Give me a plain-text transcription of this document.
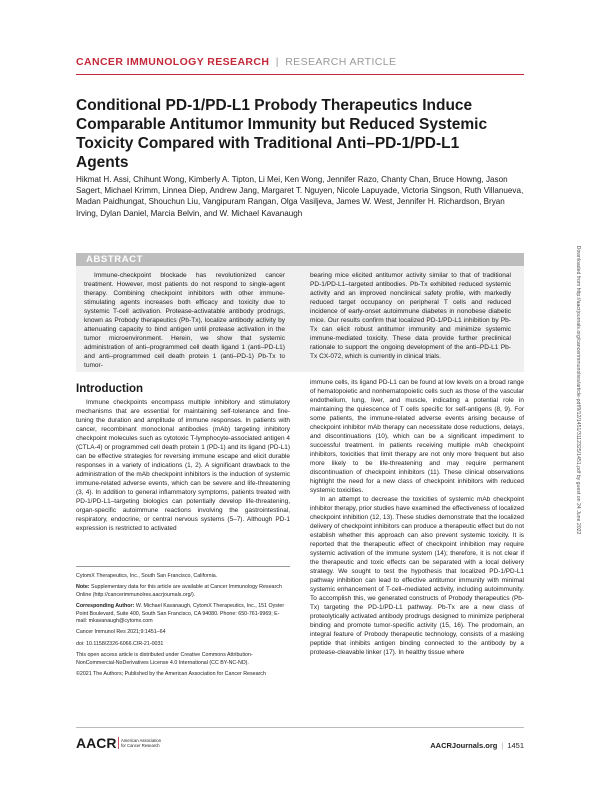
CANCER IMMUNOLOGY RESEARCH | RESEARCH ARTICLE
Conditional PD-1/PD-L1 Probody Therapeutics Induce Comparable Antitumor Immunity but Reduced Systemic Toxicity Compared with Traditional Anti–PD-1/PD-L1 Agents
Hikmat H. Assi, Chihunt Wong, Kimberly A. Tipton, Li Mei, Ken Wong, Jennifer Razo, Chanty Chan, Bruce Howng, Jason Sagert, Michael Krimm, Linnea Diep, Andrew Jang, Margaret T. Nguyen, Nicole Lapuyade, Victoria Singson, Ruth Villanueva, Madan Paidhungat, Shouchun Liu, Vangipuram Rangan, Olga Vasiljeva, James W. West, Jennifer H. Richardson, Bryan Irving, Dylan Daniel, Marcia Belvin, and W. Michael Kavanaugh
ABSTRACT

Immune-checkpoint blockade has revolutionized cancer treatment. However, most patients do not respond to single-agent therapy. Combining checkpoint inhibitors with other immune-stimulating agents increases both efficacy and toxicity due to systemic T-cell activation. Protease-activatable antibody prodrugs, known as Probody therapeutics (Pb-Tx), localize antibody activity by attenuating capacity to bind antigen until protease activation in the tumor microenvironment. Herein, we show that systemic administration of anti–programmed cell death ligand 1 (anti–PD-L1) and anti–programmed cell death protein 1 (anti–PD-1) Pb-Tx to tumor-

bearing mice elicited antitumor activity similar to that of traditional PD-1/PD-L1–targeted antibodies. Pb-Tx exhibited reduced systemic activity and an improved nonclinical safety profile, with markedly reduced target occupancy on peripheral T cells and reduced incidence of early-onset autoimmune diabetes in nonobese diabetic mice. Our results confirm that localized PD-1/PD-L1 inhibition by Pb-Tx can elicit robust antitumor immunity and minimize systemic immune-mediated toxicity. These data provide further preclinical rationale to support the ongoing development of the anti–PD-L1 Pb-Tx CX-072, which is currently in clinical trials.

Introduction

Immune checkpoints encompass multiple inhibitory and stimulatory mechanisms that are essential for maintaining self-tolerance and fine-tuning the duration and amplitude of immune responses. In patients with cancer, recombinant monoclonal antibodies (mAb) targeting inhibitory checkpoint molecules such as cytotoxic T-lymphocyte-associated antigen 4 (CTLA-4) or programmed cell death protein 1 (PD-1) and its ligand (PD-L1) can be effective strategies for reversing immune escape and elicit durable responses in a variety of indications (1, 2). A significant drawback to the administration of the mAb checkpoint inhibitors is the induction of systemic immune-related adverse events, which can be severe and life-threatening (3, 4). In addition to general inflammatory symptoms, patients treated with PD-1/PD-L1–targeting biologics can potentially develop life-threatening, organ-specific autoimmune reactions involving the gastrointestinal, respiratory, endocrine, or central nervous systems (5–7). Although PD-1 expression is restricted to activated

immune cells, its ligand PD-L1 can be found at low levels on a broad range of hematopoietic and nonhematopoietic cells such as those of the vascular endothelium, lung, liver, and muscle, indicating a potential role in maintaining the quiescence of T cells specific for self-antigens (8, 9). For some patients, the immune-related adverse events arising because of checkpoint inhibitor mAb therapy can necessitate dose reductions, delays, and discontinuations (10), which can be a significant impediment to successful treatment. In patients receiving multiple mAb checkpoint inhibitors, toxicities that limit therapy are not only more frequent but also more likely to be life-threatening and may require permanent discontinuation of checkpoint inhibitors (11). These clinical observations highlight the need for a new class of checkpoint inhibitors with reduced systemic toxicities.

In an attempt to decrease the toxicities of systemic mAb checkpoint inhibitor therapy, prior studies have examined the effectiveness of localized checkpoint inhibition (12, 13). These studies demonstrate that the localized delivery of checkpoint inhibitors can produce a therapeutic effect but do not establish whether this approach can also prevent systemic toxicity. It is reported that the therapeutic effect of checkpoint inhibition may require systemic activation of the immune system (14); therefore, it is not clear if the therapeutic and toxic effects can be separated with a local delivery strategy. We sought to test the hypothesis that localized PD-1/PD-L1 pathway inhibition can lead to effective antitumor immunity with minimal systemic enhancement of T-cell–mediated activity, including autoimmunity. To accomplish this, we generated constructs of Probody therapeutics (Pb-Tx) targeting the PD-1/PD-L1 pathway. Pb-Tx are a new class of proteolytically activated antibody prodrugs designed to minimize peripheral binding and promote tumor-specific activity (15, 16). The prodomain, an integral feature of Probody therapeutic technology, consists of a masking peptide that inhibits antigen binding connected to the antibody by a protease-cleavable linker (17). In healthy tissue where

CytomX Therapeutics, Inc., South San Francisco, California.

Note: Supplementary data for this article are available at Cancer Immunology Research Online (http://cancerimmunolres.aacrjournals.org/).

Corresponding Author: W. Michael Kavanaugh, CytomX Therapeutics, Inc., 151 Oyster Point Boulevard, Suite 400, South San Francisco, CA 94080. Phone: 650-761-9969; E-mail: mkavanaugh@cytomx.com

Cancer Immunol Res 2021;9:1451–64

doi: 10.1158/2326-6066.CIR-21-0031

This open access article is distributed under Creative Commons Attribution-NonCommercial-NoDerivatives License 4.0 International (CC BY-NC-ND).

©2021 The Authors; Published by the American Association for Cancer Research

Downloaded from http://aacrjournals.org/cancerimmunolres/article-pdf/9/12/1451/3112325/1451.pdf by guest on 24 June 2022
AACR American Association
for Cancer Research	AACRJournals.org | 1451
